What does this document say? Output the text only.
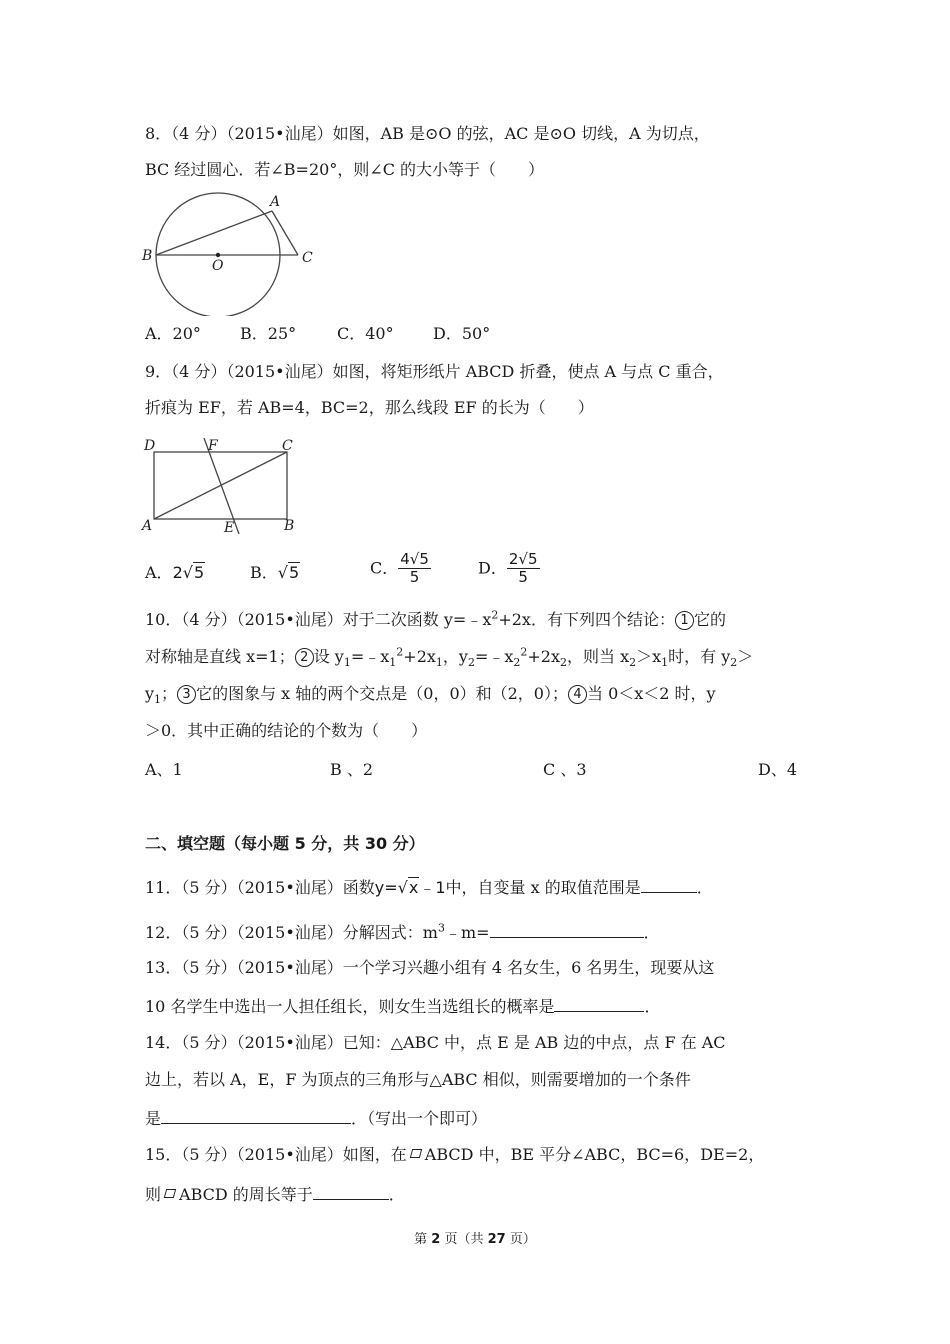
8．（4 分）（2015•汕尾）如图，AB 是⊙O 的弦，AC 是⊙O 切线，A 为切点，
BC 经过圆心．若∠B=20°，则∠C 的大小等于（　　）
A
B	C
O
A．20° B．25°	C．40° D．50°
9．（4 分）（2015•汕尾）如图，将矩形纸片 ABCD 折叠，使点 A 与点 C 重合，
折痕为 EF，若 AB=4，BC=2，那么线段 EF 的长为（　　）
D	F	C
A	E	B
A．2√5	B．√5	C． $\frac{4√5}{5}$	D． $\frac{2√5}{5}$
10．（4 分）（2015•汕尾）对于二次函数 $y=﹣x^2+2x$．有下列四个结论： 1 它的
对称轴是直线 x=1； 2 设 $y_1=﹣x_1^2+2x_1$，$y_2=﹣x_2^2+2x_2$，则当 $x_2>x_1$时，有 $y_2>$
$y_1$； 3 它的图象与 x 轴的两个交点是（0，0）和（2，0）； 4 当 0＜x＜2 时，y
＞0．其中正确的结论的个数为（　　）
A、1	B 、2	C 、3	D、4
二、填空题（每小题 5 分，共 30 分）
11．（5 分）（2015•汕尾）函数y=√x﹣1中，自变量 x 的取值范围是	．
12．（5 分）（2015•汕尾）分解因式：$m^3﹣m=$	．
13．（5 分）（2015•汕尾）一个学习兴趣小组有 4 名女生，6 名男生，现要从这
10 名学生中选出一人担任组长，则女生当选组长的概率是	．
14．（5 分）（2015•汕尾）已知：△ABC 中，点 E 是 AB 边的中点，点 F 在 AC
边上，若以 A，E，F 为顶点的三角形与△ABC 相似，则需要增加的一个条件
是	．（写出一个即可）
15．（5 分）（2015•汕尾）如图，在 ABCD 中，BE 平分∠ABC，BC=6，DE=2，
则 ABCD 的周长等于	．
第 2 页（共 27 页）
